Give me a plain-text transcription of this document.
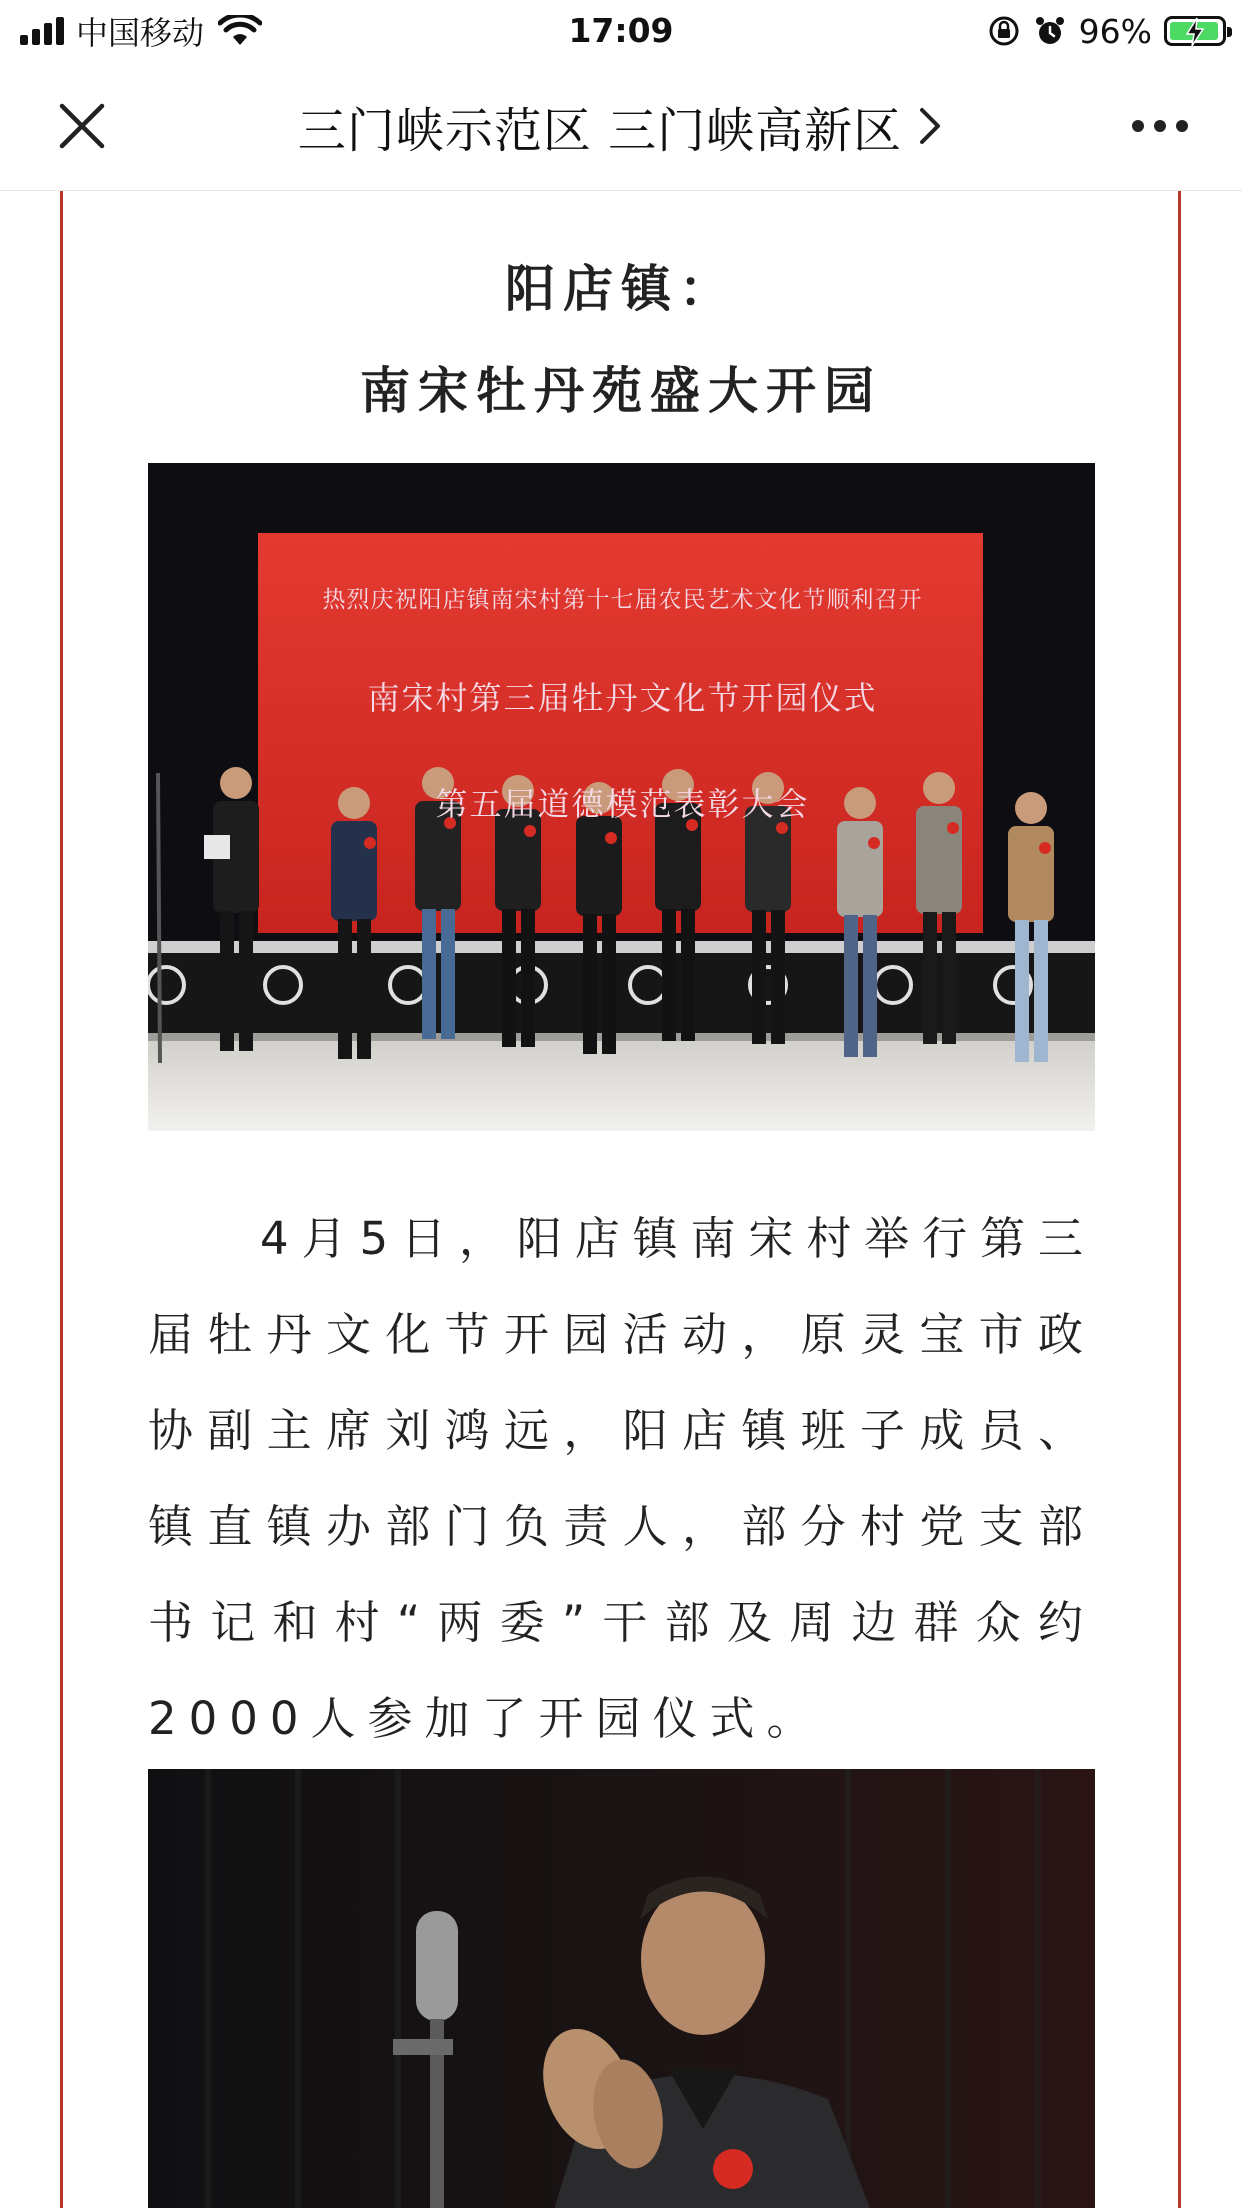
中国移动	17:09	96%
三门峡示范区 三门峡高新区
阳店镇：
南宋牡丹苑盛大开园
热烈庆祝阳店镇南宋村第十七届农民艺术文化节顺利召开
南宋村第三届牡丹文化节开园仪式
第五届道德模范表彰大会

4月5日，阳店镇南宋村举行第三届牡丹文化节开园活动，原灵宝市政协副主席刘鸿远，阳店镇班子成员、镇直镇办部门负责人，部分村党支部书记和村“两委”干部及周边群众约2000人参加了开园仪式。
